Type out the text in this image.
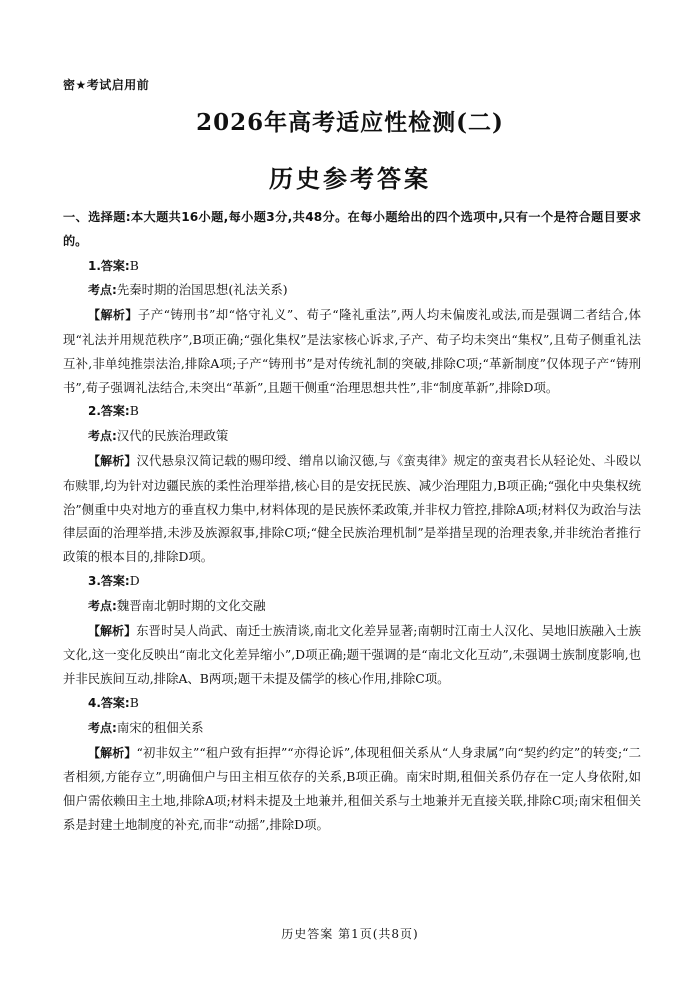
密★考试启用前
2026年高考适应性检测(二)
历史参考答案

一、选择题:本大题共16小题,每小题3分,共48分。在每小题给出的四个选项中,只有一个是符合题目要求的。

1.答案:B

考点:先秦时期的治国思想(礼法关系)

【解析】子产“铸刑书”却“恪守礼义”、荀子“隆礼重法”,两人均未偏废礼或法,而是强调二者结合,体现“礼法并用规范秩序”,B项正确;“强化集权”是法家核心诉求,子产、荀子均未突出“集权”,且荀子侧重礼法互补,非单纯推崇法治,排除A项;子产“铸刑书”是对传统礼制的突破,排除C项;“革新制度”仅体现子产“铸刑书”,荀子强调礼法结合,未突出“革新”,且题干侧重“治理思想共性”,非“制度革新”,排除D项。

2.答案:B

考点:汉代的民族治理政策

【解析】汉代悬泉汉简记载的赐印绶、缯帛以谕汉德,与《蛮夷律》规定的蛮夷君长从轻论处、斗殴以布赎罪,均为针对边疆民族的柔性治理举措,核心目的是安抚民族、减少治理阻力,B项正确;“强化中央集权统治”侧重中央对地方的垂直权力集中,材料体现的是民族怀柔政策,并非权力管控,排除A项;材料仅为政治与法律层面的治理举措,未涉及族源叙事,排除C项;“健全民族治理机制”是举措呈现的治理表象,并非统治者推行政策的根本目的,排除D项。

3.答案:D

考点:魏晋南北朝时期的文化交融

【解析】东晋时吴人尚武、南迁士族清谈,南北文化差异显著;南朝时江南士人汉化、吴地旧族融入士族文化,这一变化反映出“南北文化差异缩小”,D项正确;题干强调的是“南北文化互动”,未强调士族制度影响,也并非民族间互动,排除A、B两项;题干未提及儒学的核心作用,排除C项。

4.答案:B

考点:南宋的租佃关系

【解析】“初非奴主”“租户致有拒捍”“亦得论诉”,体现租佃关系从“人身隶属”向“契约约定”的转变;“二者相须,方能存立”,明确佃户与田主相互依存的关系,B项正确。南宋时期,租佃关系仍存在一定人身依附,如佃户需依赖田主土地,排除A项;材料未提及土地兼并,租佃关系与土地兼并无直接关联,排除C项;南宋租佃关系是封建土地制度的补充,而非“动摇”,排除D项。

历史答案 第1页(共8页)
